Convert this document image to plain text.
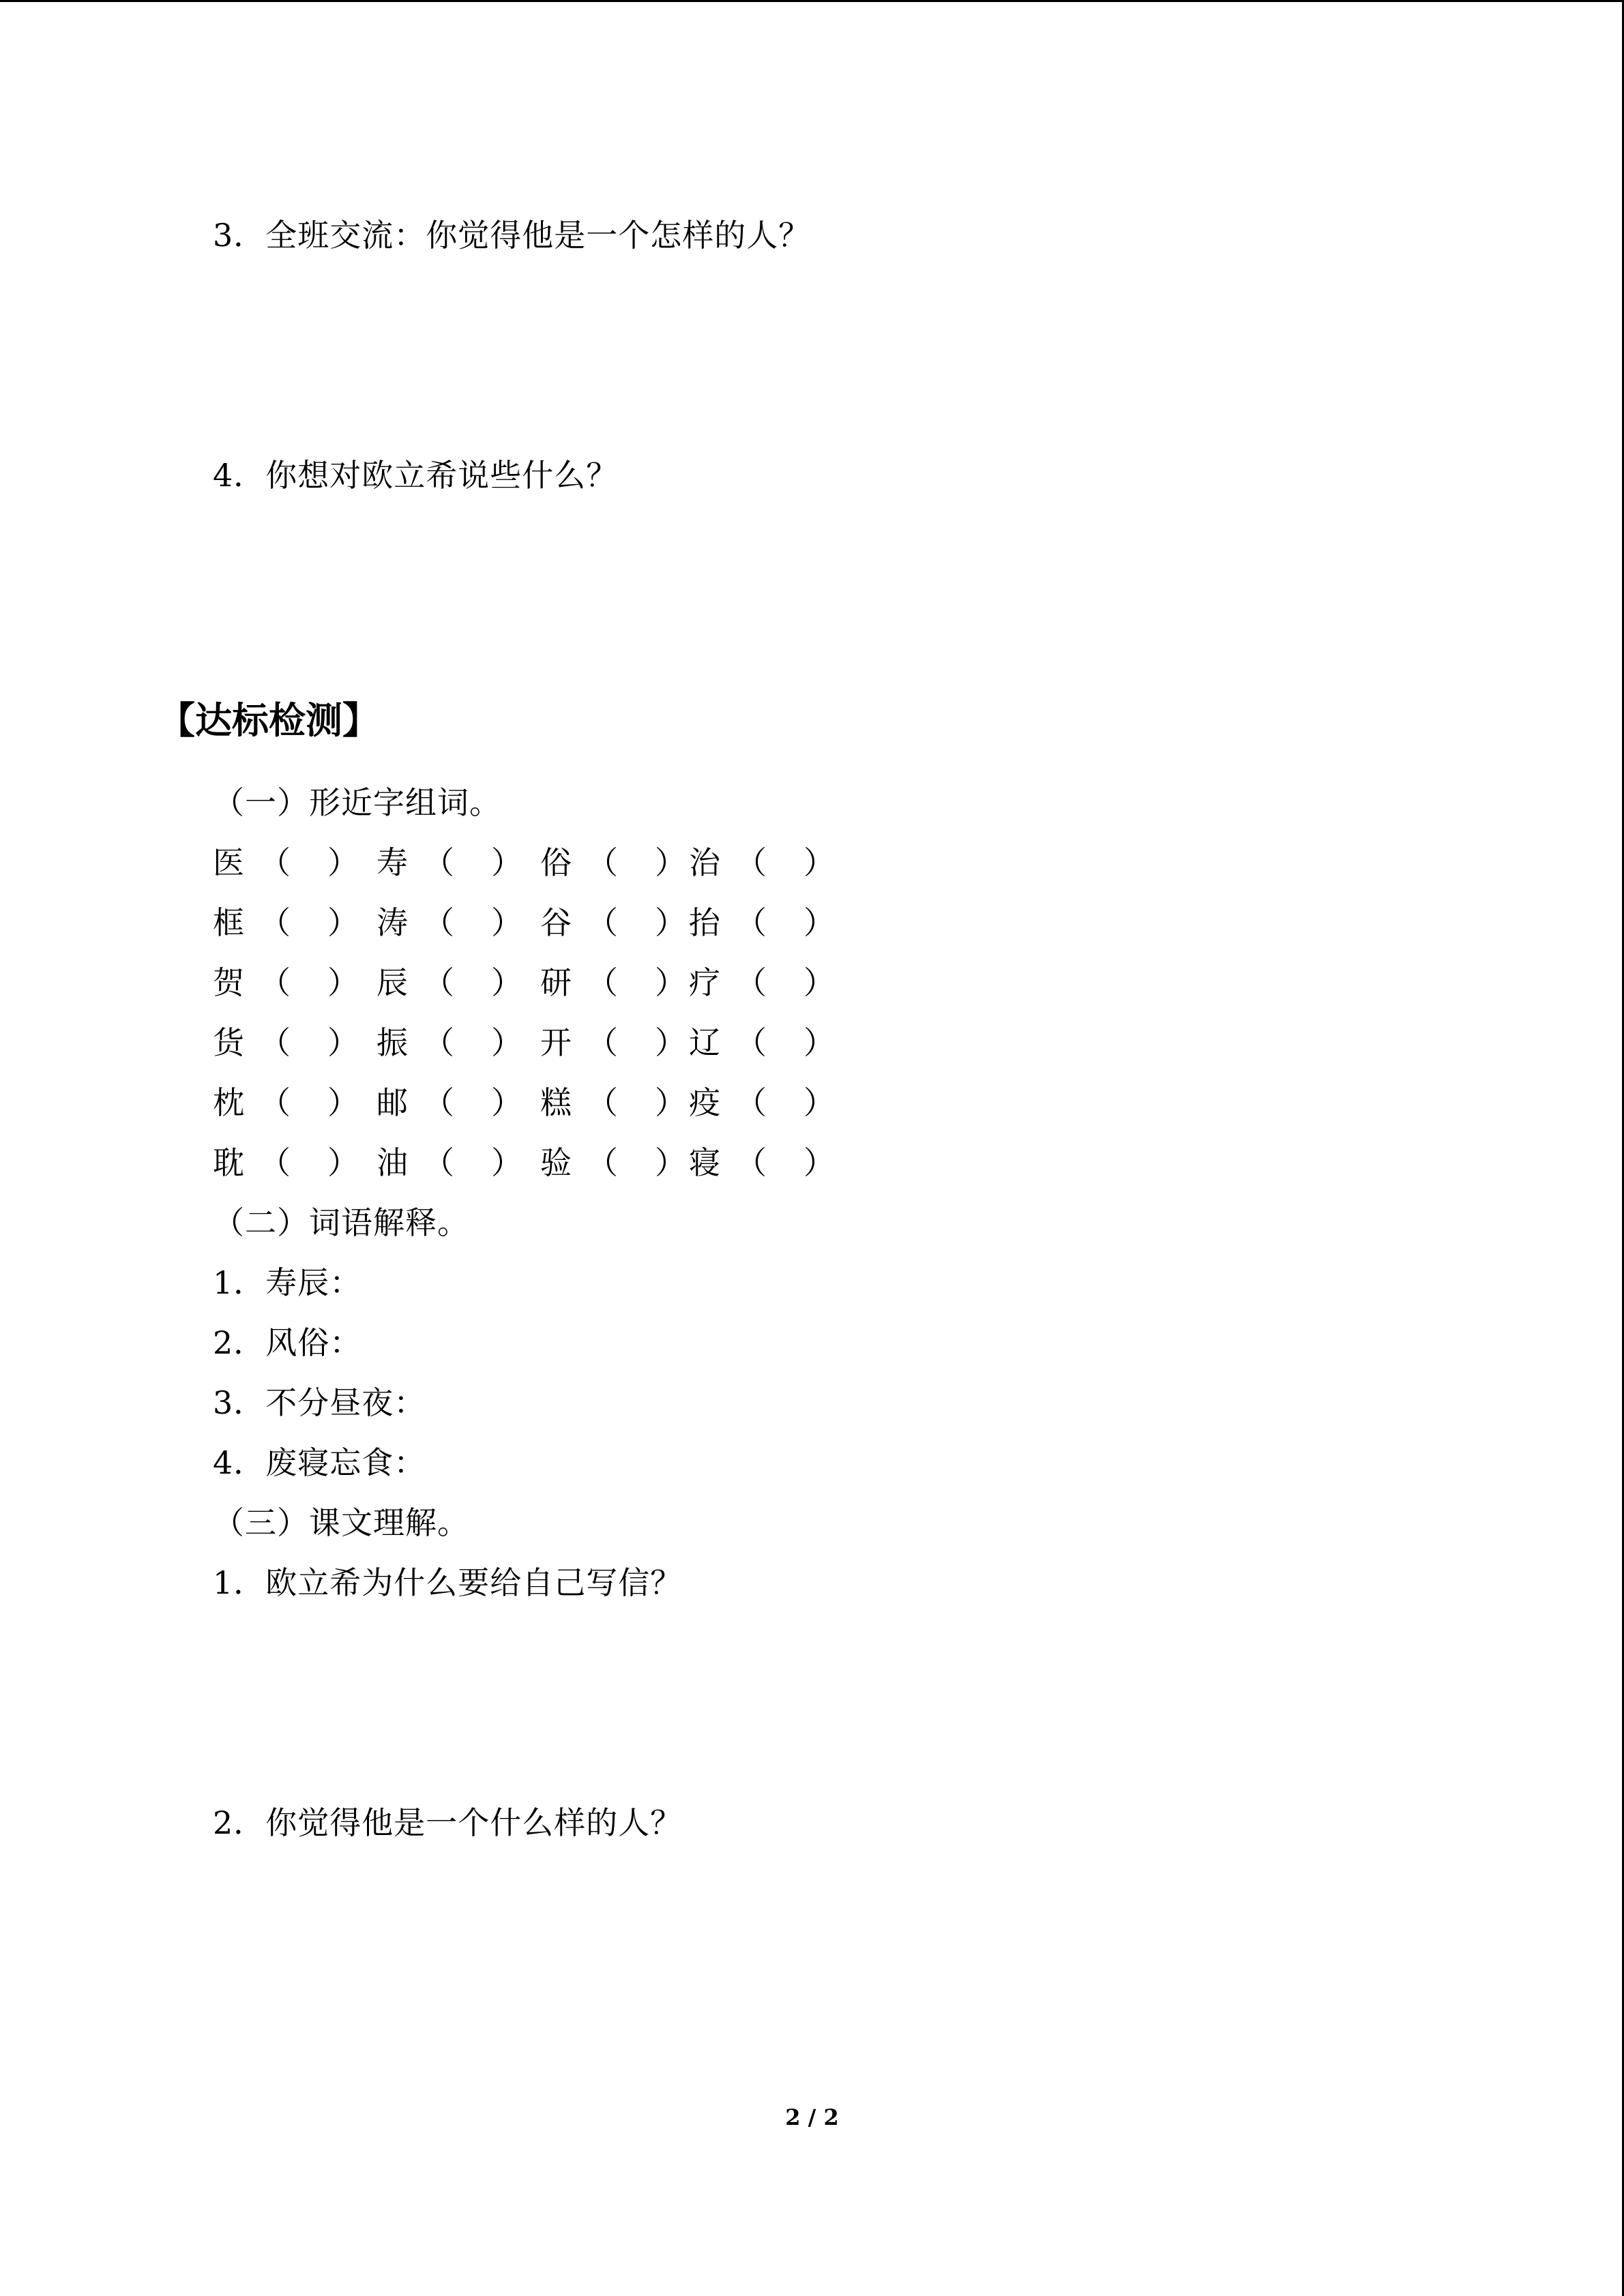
3．全班交流：你觉得他是一个怎样的人？
4．你想对欧立希说些什么？
【达标检测】
（一）形近字组词。
医 （ ） 寿 （ ） 俗 （ ） 治 （ ）
框 （ ） 涛 （ ） 谷 （ ） 抬 （ ）
贺 （ ） 辰 （ ） 研 （ ） 疗 （ ）
货 （ ） 振 （ ） 开 （ ） 辽 （ ）
枕 （ ） 邮 （ ） 糕 （ ） 疫 （ ）
耽 （ ） 油 （ ） 验 （ ） 寝 （ ）
（二）词语解释。
1．寿辰：
2．风俗：
3．不分昼夜：
4．废寝忘食：
（三）课文理解。
1．欧立希为什么要给自己写信？
2．你觉得他是一个什么样的人？
2 / 2
